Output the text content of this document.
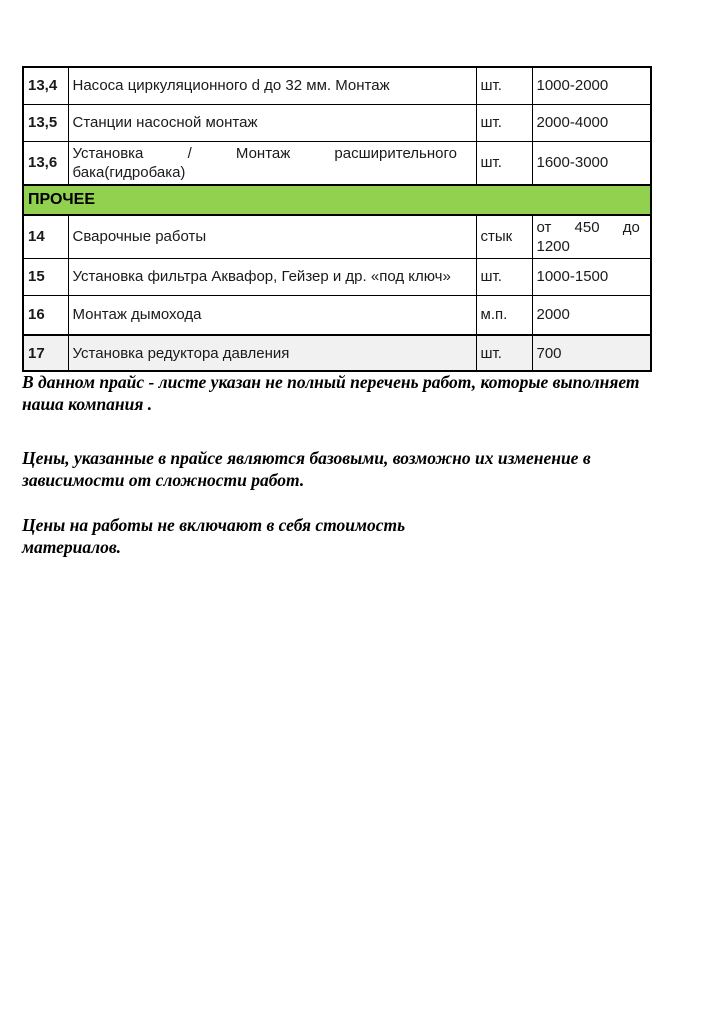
13,4	Насоса циркуляционного d до 32 мм. Монтаж	шт.	1000-2000
13,5	Станции насосной монтаж	шт.	2000-4000
13,6	Установка / Монтаж расширительного бака(гидробака)	шт.	1600-3000
ПРОЧЕЕ			
14	Сварочные работы	стык	от 450 до 1200
15	Установка фильтра Аквафор, Гейзер и др. «под ключ»	шт.	1000-1500
16	Монтаж дымохода	м.п.	2000
17	Установка редуктора давления	шт.	700
В данном прайс - листе указан не полный перечень работ, которые выполняет
наша компания .
Цены, указанные в прайсе являются базовыми, возможно их изменение в
зависимости от сложности работ.
Цены на работы не включают в себя стоимость
материалов.
